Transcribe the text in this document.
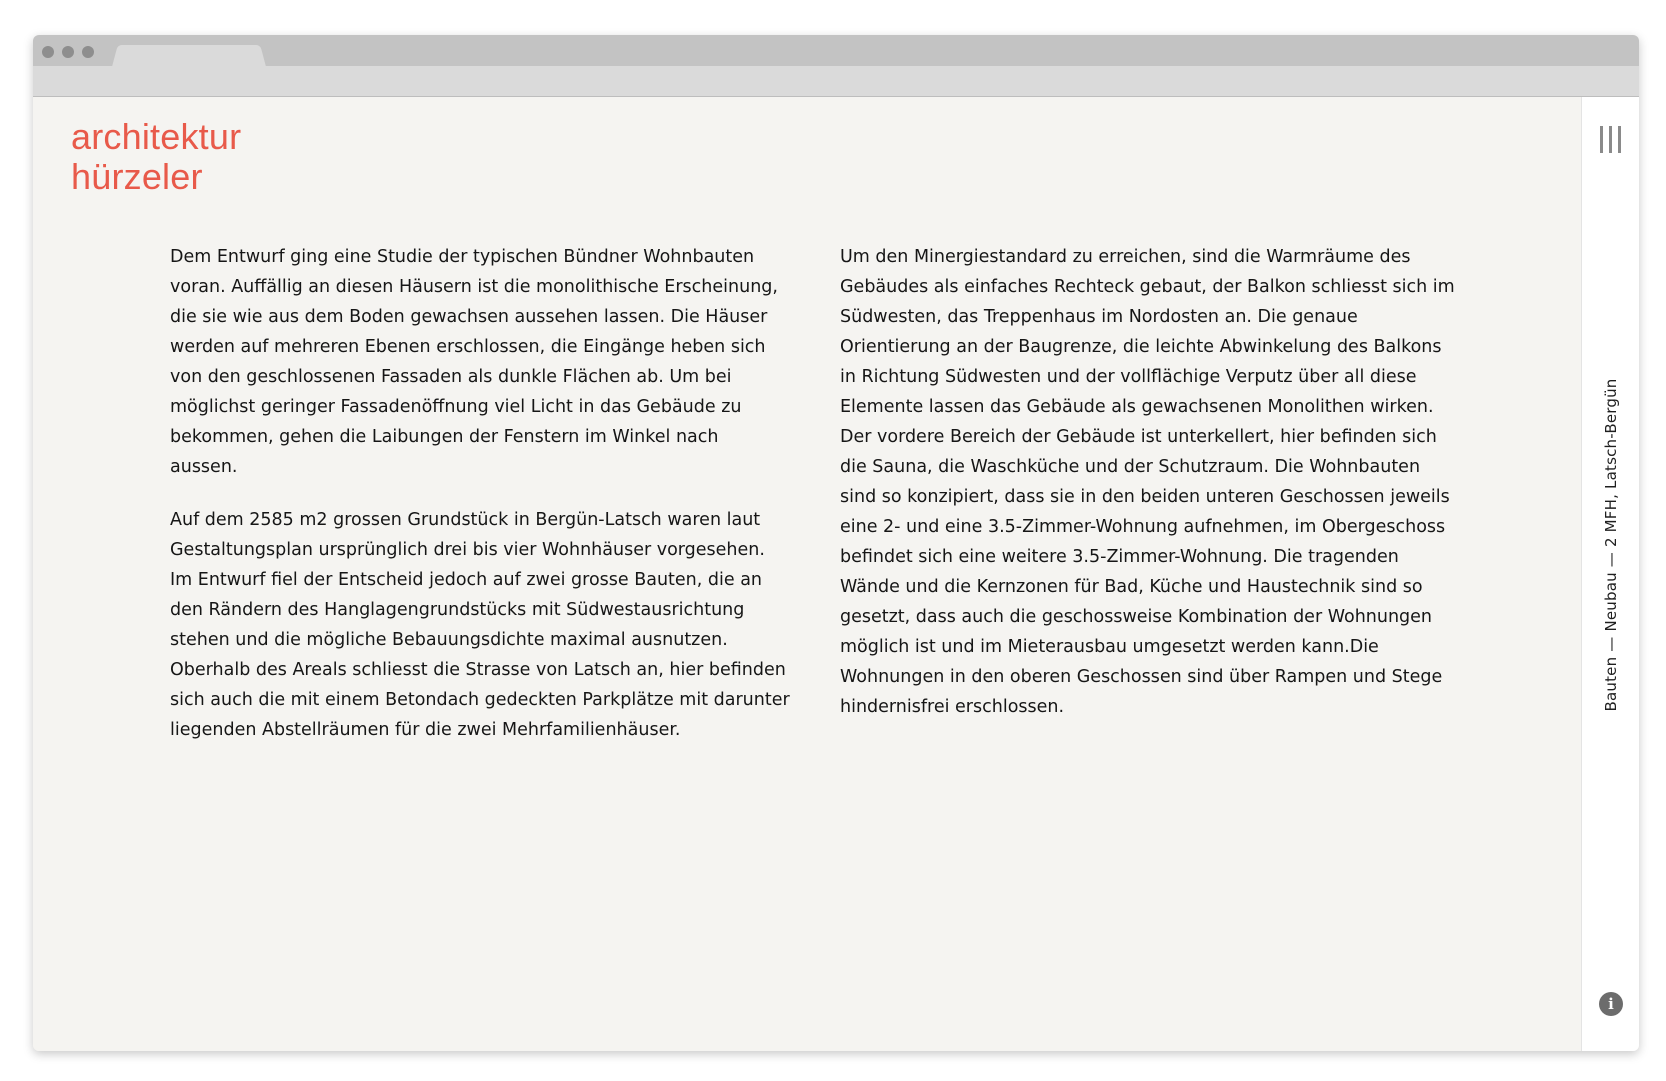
architektur
hürzeler

Dem Entwurf ging eine Studie der typischen Bündner Wohnbauten voran. Auffällig an diesen Häusern ist die monolithische Erscheinung, die sie wie aus dem Boden gewachsen aussehen lassen. Die Häuser werden auf mehreren Ebenen erschlossen, die Eingänge heben sich von den geschlossenen Fassaden als dunkle Flächen ab. Um bei möglichst geringer Fassadenöffnung viel Licht in das Gebäude zu bekommen, gehen die Laibungen der Fenstern im Winkel nach aussen.

Auf dem 2585 m2 grossen Grundstück in Bergün-Latsch waren laut Gestaltungsplan ursprünglich drei bis vier Wohnhäuser vorgesehen. Im Entwurf fiel der Entscheid jedoch auf zwei grosse Bauten, die an den Rändern des Hanglagengrundstücks mit Südwestausrichtung stehen und die mögliche Bebauungsdichte maximal ausnutzen. Oberhalb des Areals schliesst die Strasse von Latsch an, hier befinden sich auch die mit einem Betondach gedeckten Parkplätze mit darunter liegenden Abstellräumen für die zwei Mehrfamilienhäuser.

Um den Minergiestandard zu erreichen, sind die Warmräume des Gebäudes als einfaches Rechteck gebaut, der Balkon schliesst sich im Südwesten, das Treppenhaus im Nordosten an. Die genaue Orientierung an der Baugrenze, die leichte Abwinkelung des Balkons in Richtung Südwesten und der vollflächige Verputz über all diese Elemente lassen das Gebäude als gewachsenen Monolithen wirken. Der vordere Bereich der Gebäude ist unterkellert, hier befinden sich die Sauna, die Waschküche und der Schutzraum. Die Wohnbauten sind so konzipiert, dass sie in den beiden unteren Geschossen jeweils eine 2- und eine 3.5-Zimmer-Wohnung aufnehmen, im Obergeschoss befindet sich eine weitere 3.5-Zimmer-Wohnung. Die tragenden Wände und die Kernzonen für Bad, Küche und Haustechnik sind so gesetzt, dass auch die geschossweise Kombination der Wohnungen möglich ist und im Mieterausbau umgesetzt werden kann.Die Wohnungen in den oberen Geschossen sind über Rampen und Stege hindernisfrei erschlossen.	Bauten — Neubau — 2 MFH, Latsch-Bergün
i
